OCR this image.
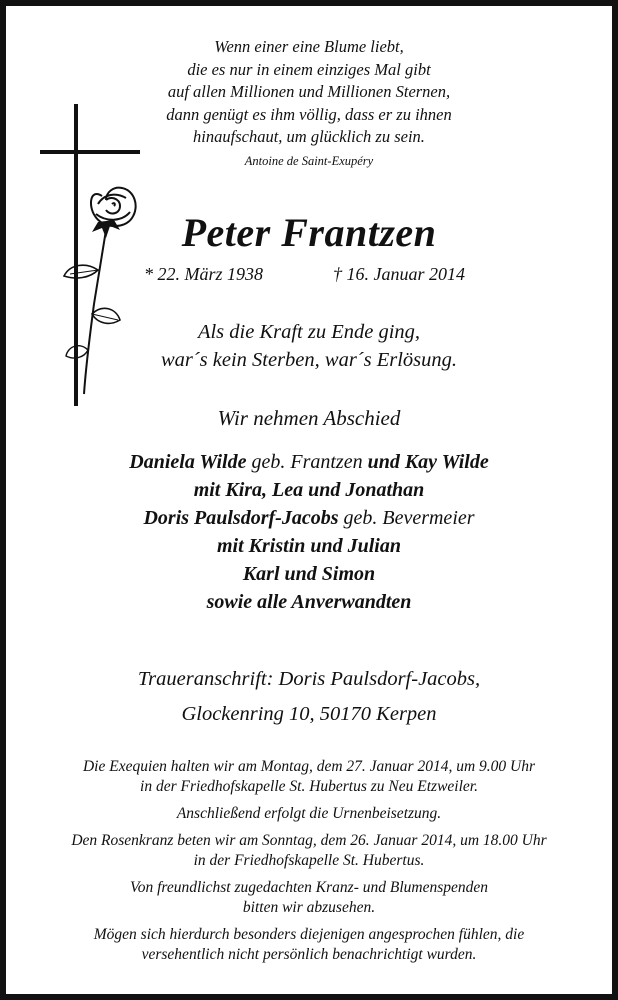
Wenn einer eine Blume liebt,
die es nur in einem einziges Mal gibt
auf allen Millionen und Millionen Sternen,
dann genügt es ihm völlig, dass er zu ihnen
hinaufschaut, um glücklich zu sein.
Antoine de Saint-Exupéry
Peter Frantzen
* 22. März 1938	† 16. Januar 2014
Als die Kraft zu Ende ging,
war´s kein Sterben, war´s Erlösung.
Wir nehmen Abschied
Daniela Wilde geb. Frantzen und Kay Wilde
mit Kira, Lea und Jonathan
Doris Paulsdorf-Jacobs geb. Bevermeier
mit Kristin und Julian
Karl und Simon
sowie alle Anverwandten
Traueranschrift: Doris Paulsdorf-Jacobs,
Glockenring 10, 50170 Kerpen

Die Exequien halten wir am Montag, dem 27. Januar 2014, um 9.00 Uhr
in der Friedhofskapelle St. Hubertus zu Neu Etzweiler.

Anschließend erfolgt die Urnenbeisetzung.

Den Rosenkranz beten wir am Sonntag, dem 26. Januar 2014, um 18.00 Uhr
in der Friedhofskapelle St. Hubertus.

Von freundlichst zugedachten Kranz- und Blumenspenden
bitten wir abzusehen.

Mögen sich hierdurch besonders diejenigen angesprochen fühlen, die
versehentlich nicht persönlich benachrichtigt wurden.
